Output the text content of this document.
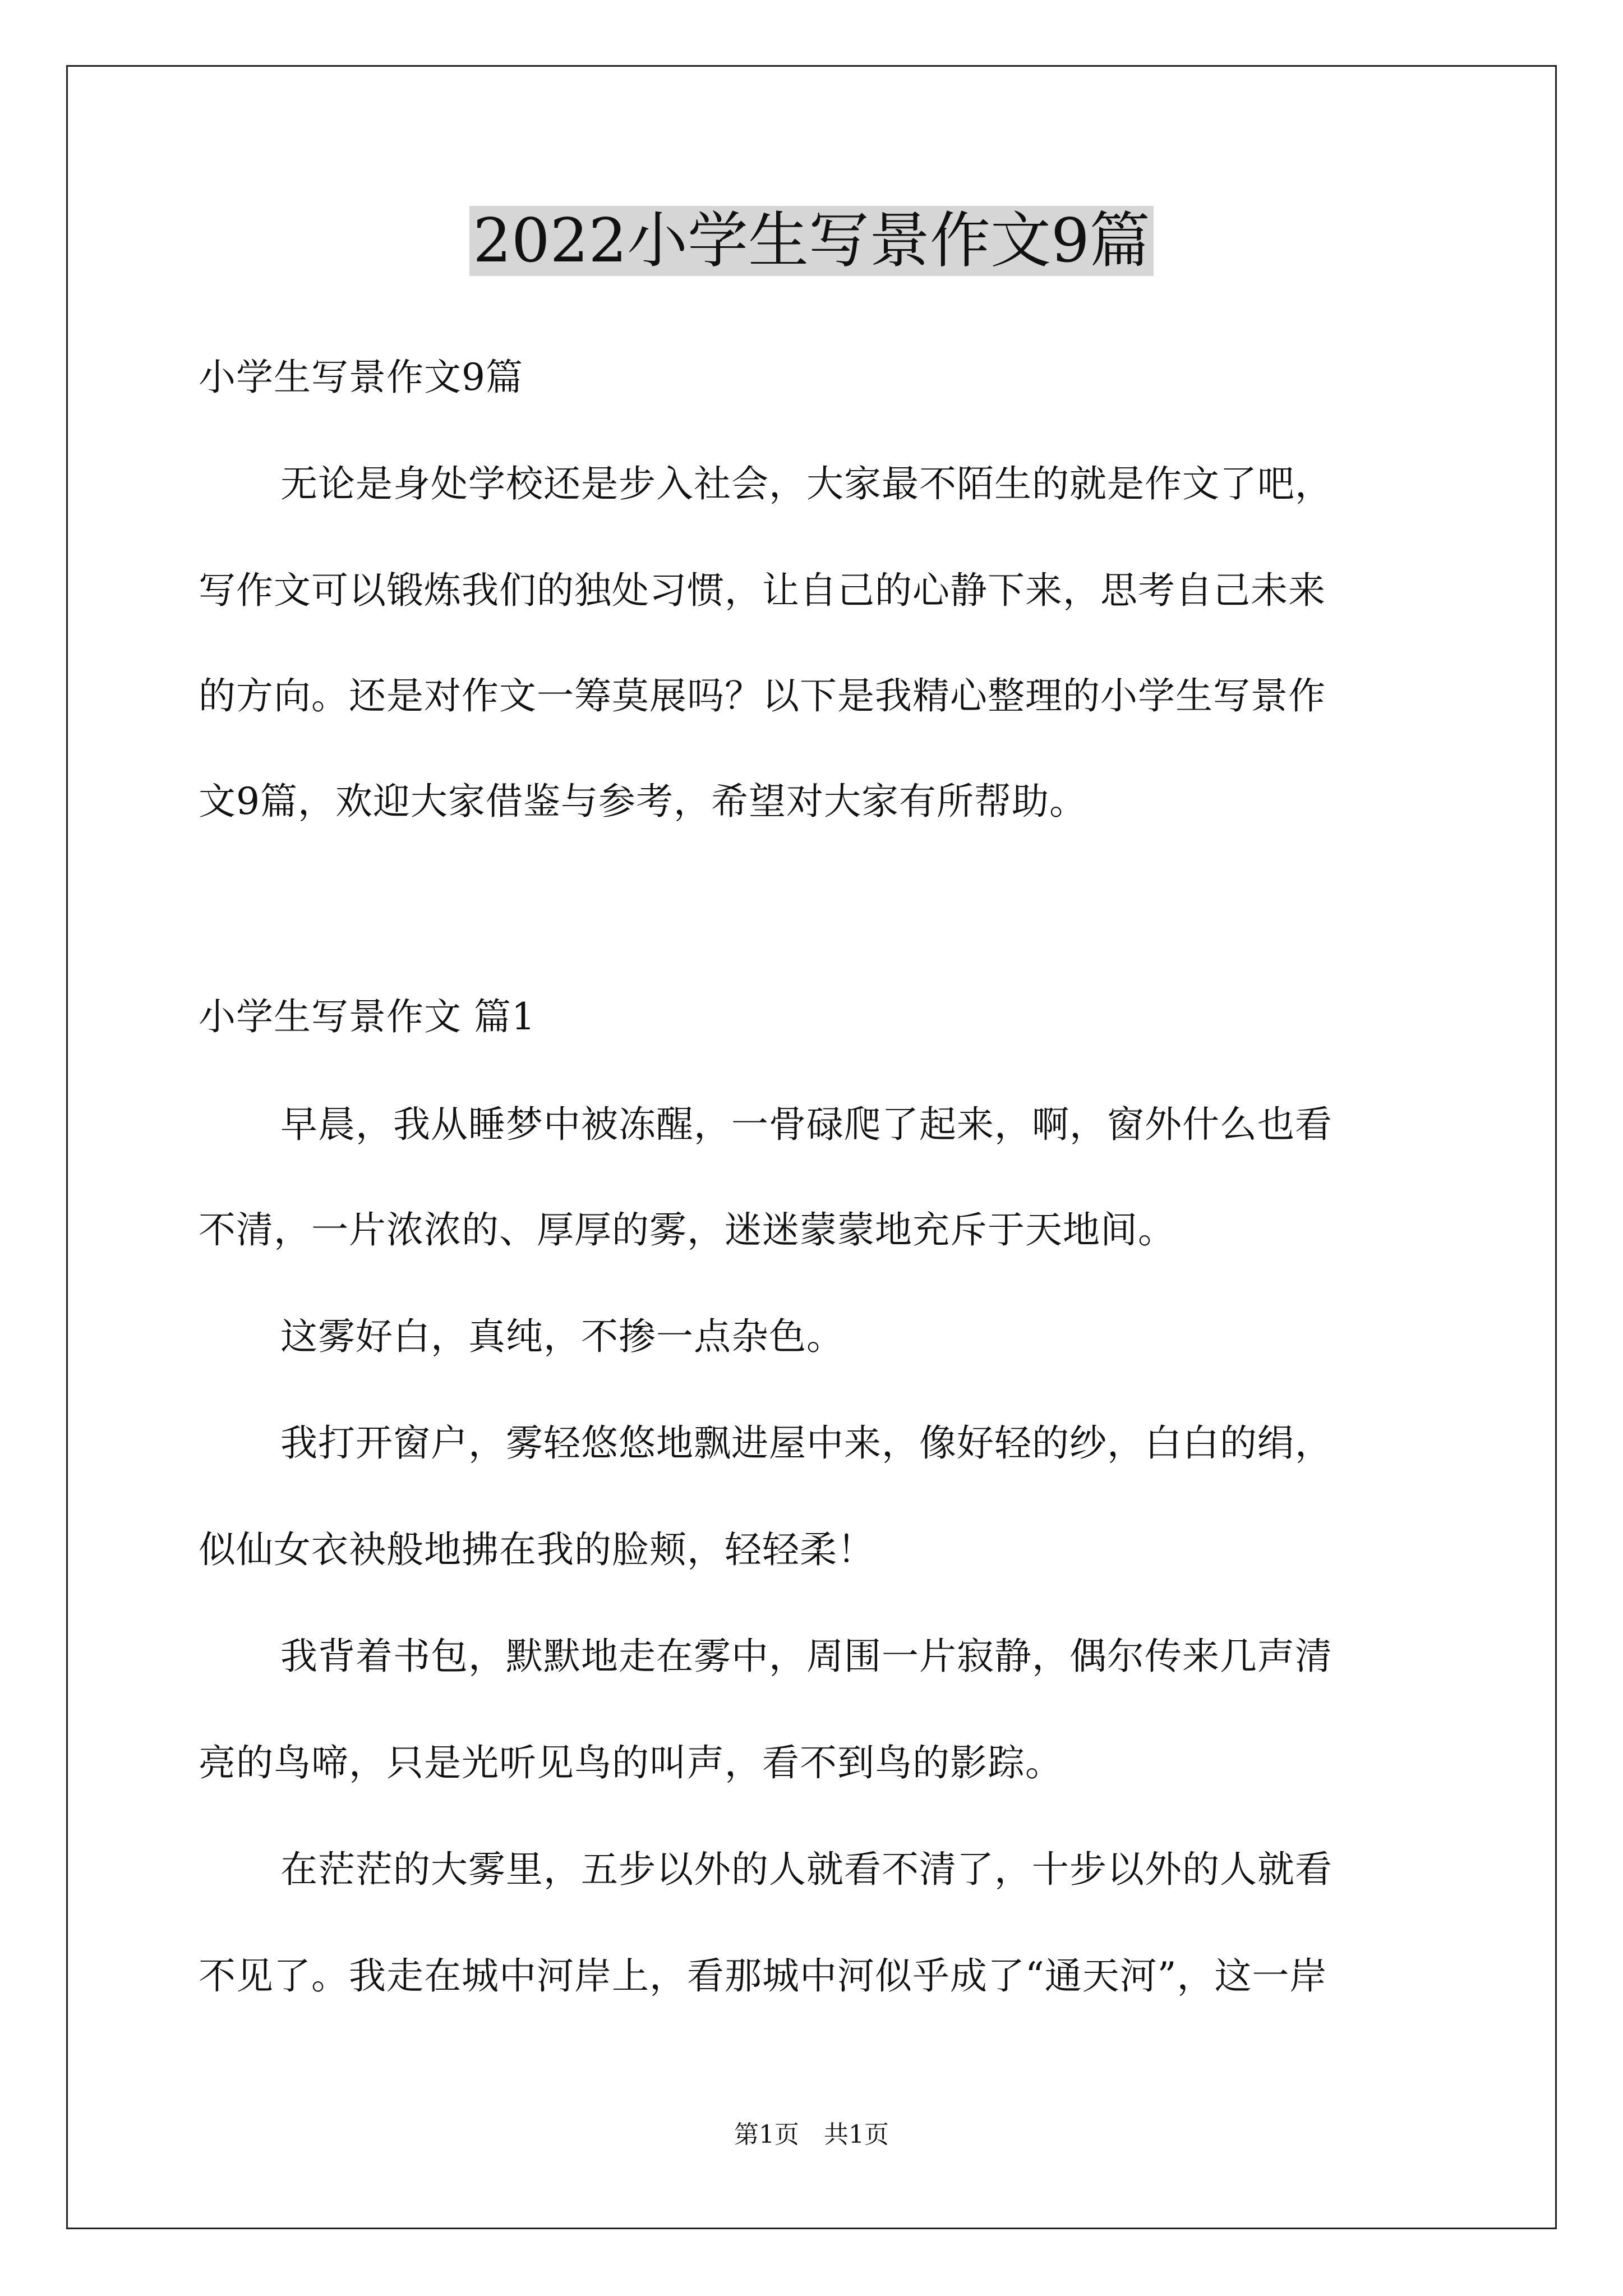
2022小学生写景作文9篇
小学生写景作文9篇
无论是身处学校还是步入社会，大家最不陌生的就是作文了吧，
写作文可以锻炼我们的独处习惯，让自己的心静下来，思考自己未来
的方向。还是对作文一筹莫展吗？以下是我精心整理的小学生写景作
文9篇，欢迎大家借鉴与参考，希望对大家有所帮助。
小学生写景作文 篇1
早晨，我从睡梦中被冻醒，一骨碌爬了起来，啊，窗外什么也看
不清，一片浓浓的、厚厚的雾，迷迷蒙蒙地充斥于天地间。
这雾好白，真纯，不掺一点杂色。
我打开窗户，雾轻悠悠地飘进屋中来，像好轻的纱，白白的绢，
似仙女衣袂般地拂在我的脸颊，轻轻柔！
我背着书包，默默地走在雾中，周围一片寂静，偶尔传来几声清
亮的鸟啼，只是光听见鸟的叫声，看不到鸟的影踪。
在茫茫的大雾里，五步以外的人就看不清了，十步以外的人就看
不见了。我走在城中河岸上，看那城中河似乎成了“通天河”，这一岸
第1页　共1页
